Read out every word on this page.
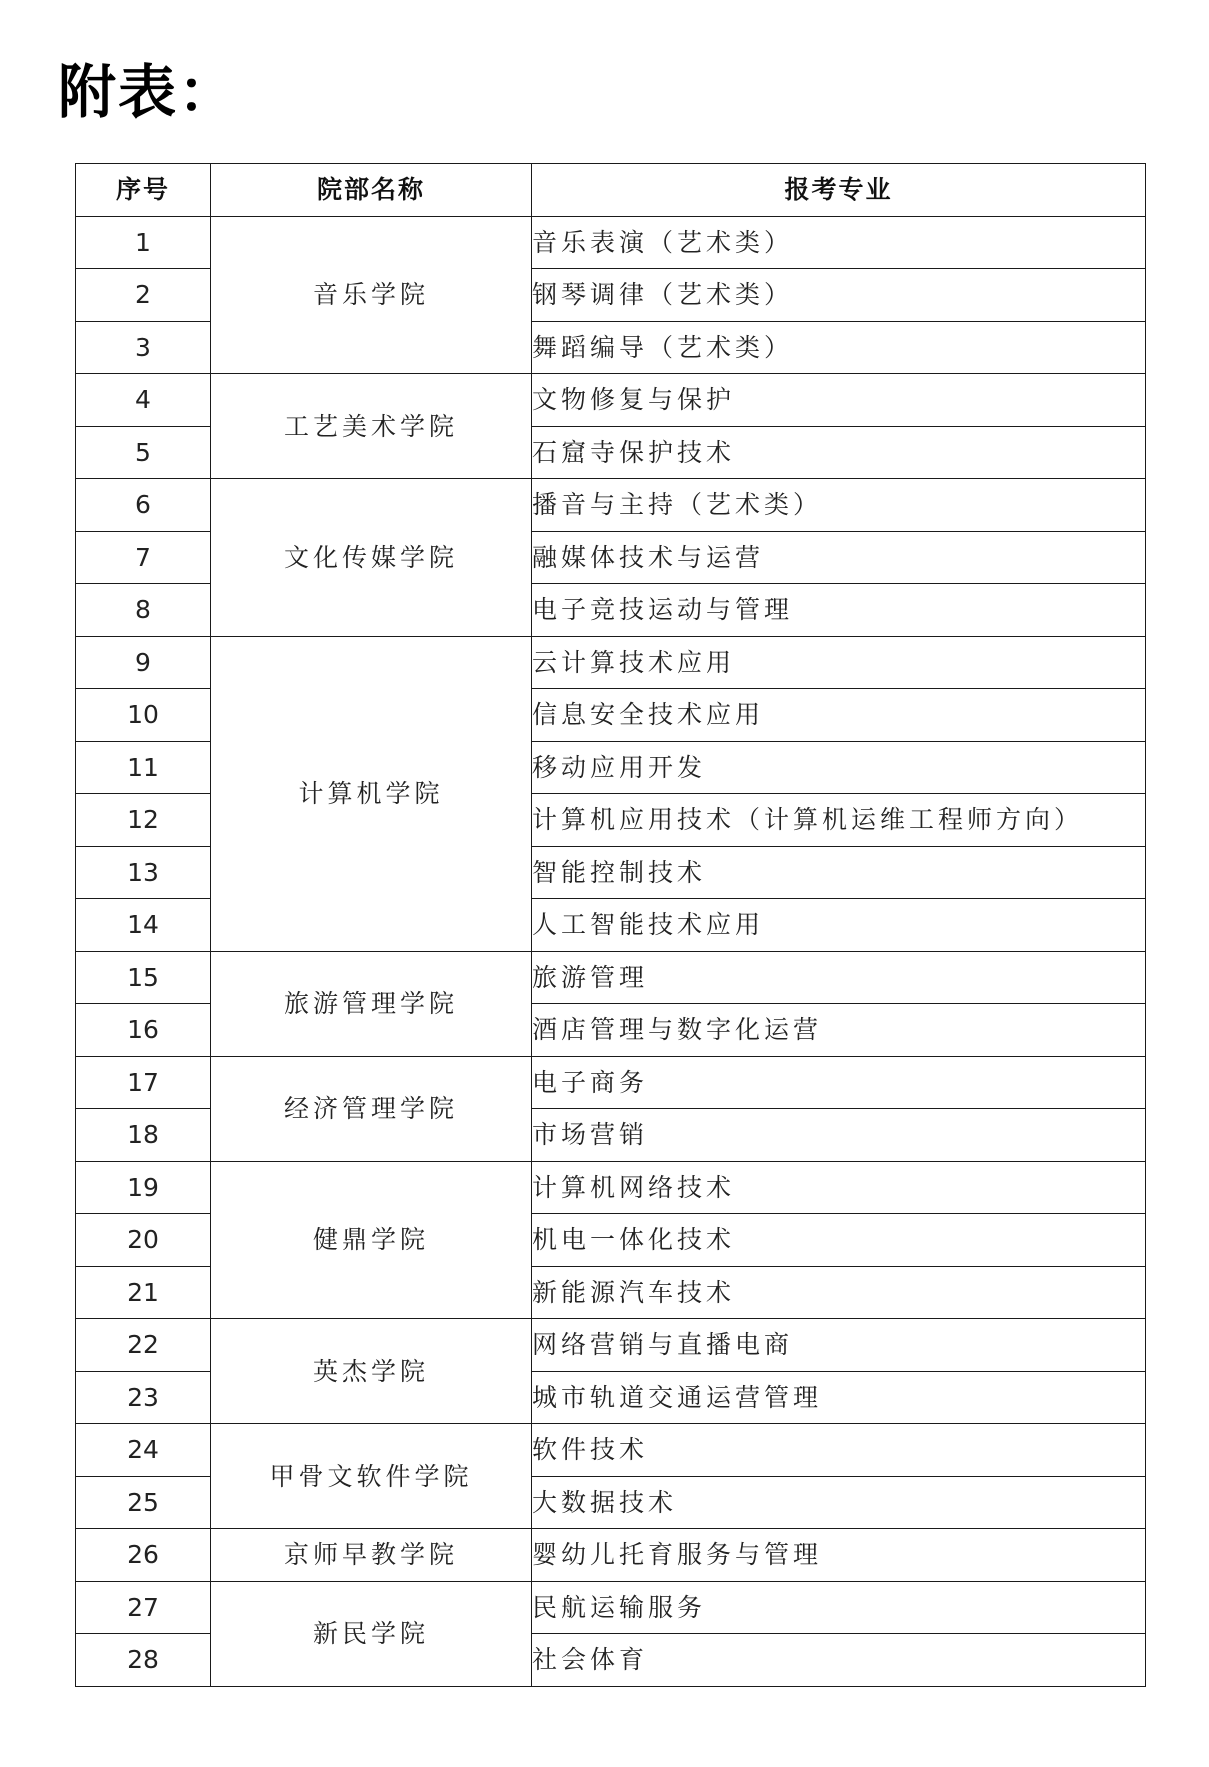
附表：
序号	院部名称	报考专业
1	音乐学院	音乐表演（艺术类）
2		钢琴调律（艺术类）
3		舞蹈编导（艺术类）
4	工艺美术学院	文物修复与保护
5		石窟寺保护技术
6	文化传媒学院	播音与主持（艺术类）
7		融媒体技术与运营
8		电子竞技运动与管理
9	计算机学院	云计算技术应用
10		信息安全技术应用
11		移动应用开发
12		计算机应用技术（计算机运维工程师方向）
13		智能控制技术
14		人工智能技术应用
15	旅游管理学院	旅游管理
16		酒店管理与数字化运营
17	经济管理学院	电子商务
18		市场营销
19	健鼎学院	计算机网络技术
20		机电一体化技术
21		新能源汽车技术
22	英杰学院	网络营销与直播电商
23		城市轨道交通运营管理
24	甲骨文软件学院	软件技术
25		大数据技术
26	京师早教学院	婴幼儿托育服务与管理
27	新民学院	民航运输服务
28		社会体育
